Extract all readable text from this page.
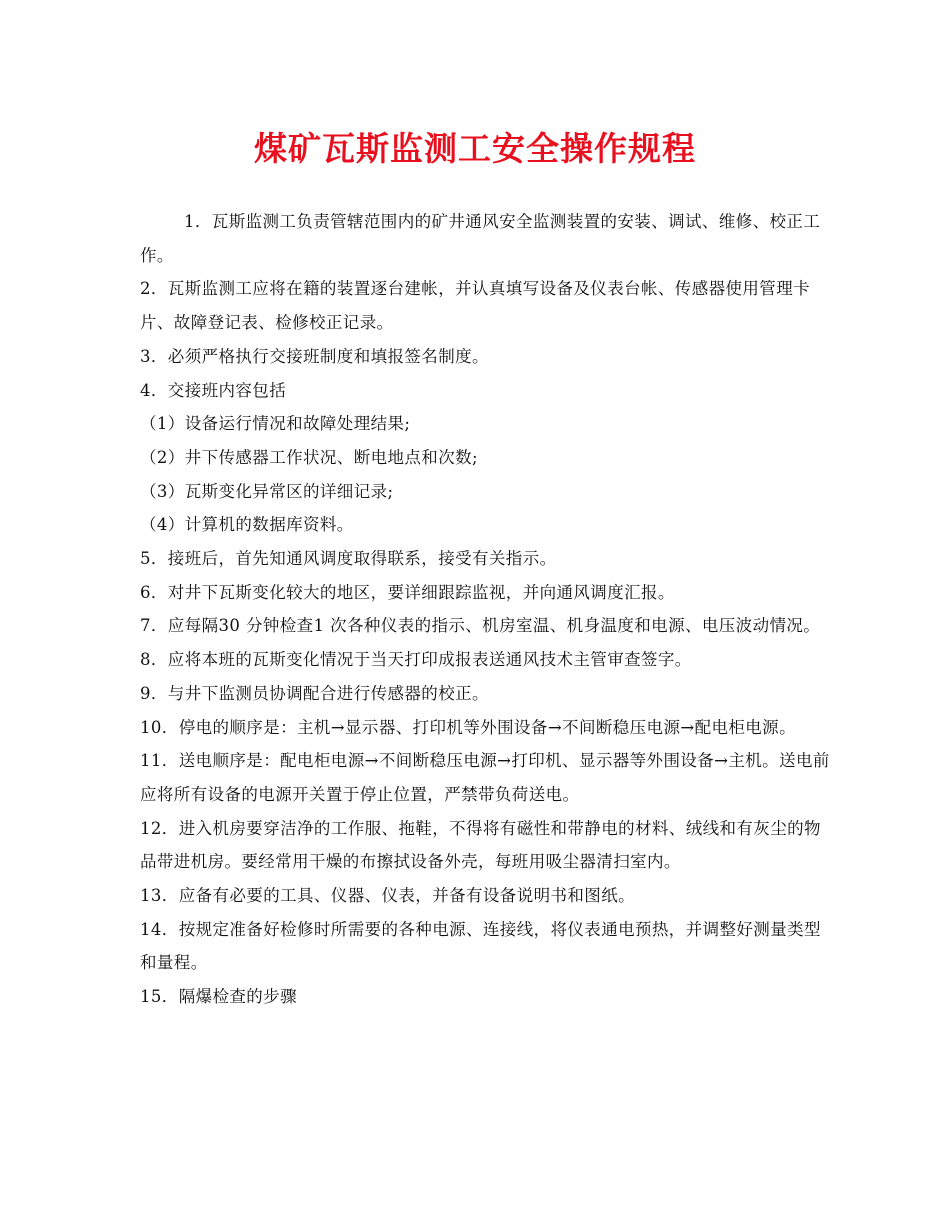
煤矿瓦斯监测工安全操作规程

1．瓦斯监测工负责管辖范围内的矿井通风安全监测装置的安装、调试、维修、校正工作。

2．瓦斯监测工应将在籍的装置逐台建帐，并认真填写设备及仪表台帐、传感器使用管理卡片、故障登记表、检修校正记录。

3．必须严格执行交接班制度和填报签名制度。

4．交接班内容包括

（1）设备运行情况和故障处理结果;

（2）井下传感器工作状况、断电地点和次数;

（3）瓦斯变化异常区的详细记录;

（4）计算机的数据库资料。

5．接班后，首先知通风调度取得联系，接受有关指示。

6．对井下瓦斯变化较大的地区，要详细跟踪监视，并向通风调度汇报。

7．应每隔30 分钟检查1 次各种仪表的指示、机房室温、机身温度和电源、电压波动情况。

8．应将本班的瓦斯变化情况于当天打印成报表送通风技术主管审查签字。

9．与井下监测员协调配合进行传感器的校正。

10．停电的顺序是：主机→显示器、打印机等外围设备→不间断稳压电源→配电柜电源。

11．送电顺序是：配电柜电源→不间断稳压电源→打印机、显示器等外围设备→主机。送电前应将所有设备的电源开关置于停止位置，严禁带负荷送电。

12．进入机房要穿洁净的工作服、拖鞋，不得将有磁性和带静电的材料、绒线和有灰尘的物品带进机房。要经常用干燥的布擦拭设备外壳，每班用吸尘器清扫室内。

13．应备有必要的工具、仪器、仪表，并备有设备说明书和图纸。

14．按规定准备好检修时所需要的各种电源、连接线，将仪表通电预热，并调整好测量类型和量程。

15．隔爆检查的步骤
